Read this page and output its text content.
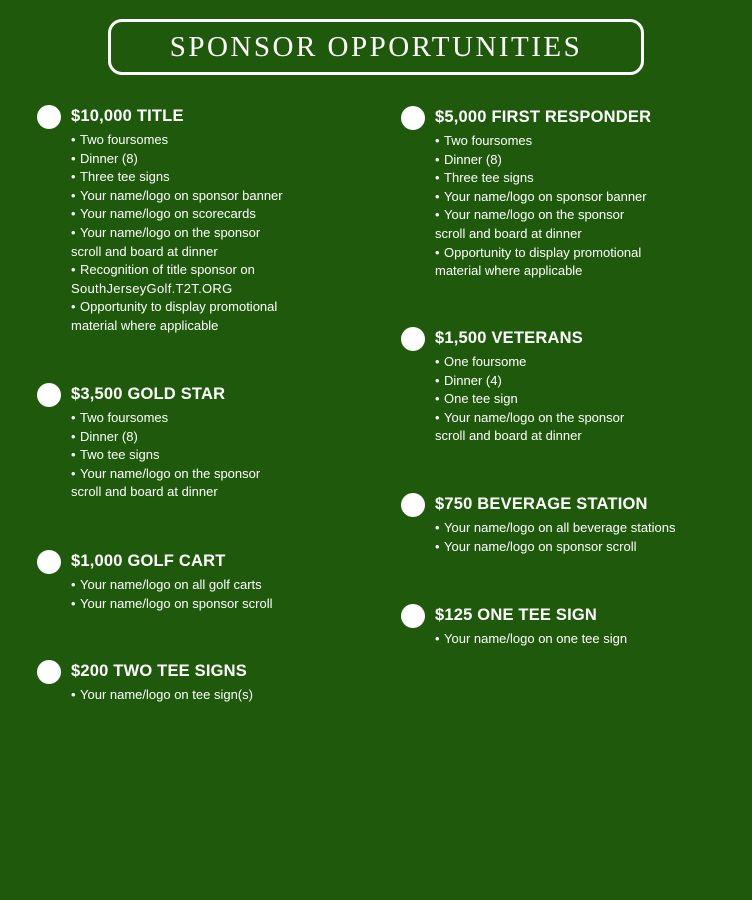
SPONSOR OPPORTUNITIES
$10,000 TITLE
• Two foursomes
• Dinner (8)
• Three tee signs
• Your name/logo on sponsor banner
• Your name/logo on scorecards
• Your name/logo on the sponsor
scroll and board at dinner
• Recognition of title sponsor on
SouthJerseyGolf.T2T.ORG
• Opportunity to display promotional
material where applicable
$3,500 GOLD STAR
• Two foursomes
• Dinner (8)
• Two tee signs
• Your name/logo on the sponsor
scroll and board at dinner
$1,000 GOLF CART
• Your name/logo on all golf carts
• Your name/logo on sponsor scroll
$200 TWO TEE SIGNS
• Your name/logo on tee sign(s)
$5,000 FIRST RESPONDER
• Two foursomes
• Dinner (8)
• Three tee signs
• Your name/logo on sponsor banner
• Your name/logo on the sponsor
scroll and board at dinner
• Opportunity to display promotional
material where applicable
$1,500 VETERANS
• One foursome
• Dinner (4)
• One tee sign
• Your name/logo on the sponsor
scroll and board at dinner
$750 BEVERAGE STATION
• Your name/logo on all beverage stations
• Your name/logo on sponsor scroll
$125 ONE TEE SIGN
• Your name/logo on one tee sign
